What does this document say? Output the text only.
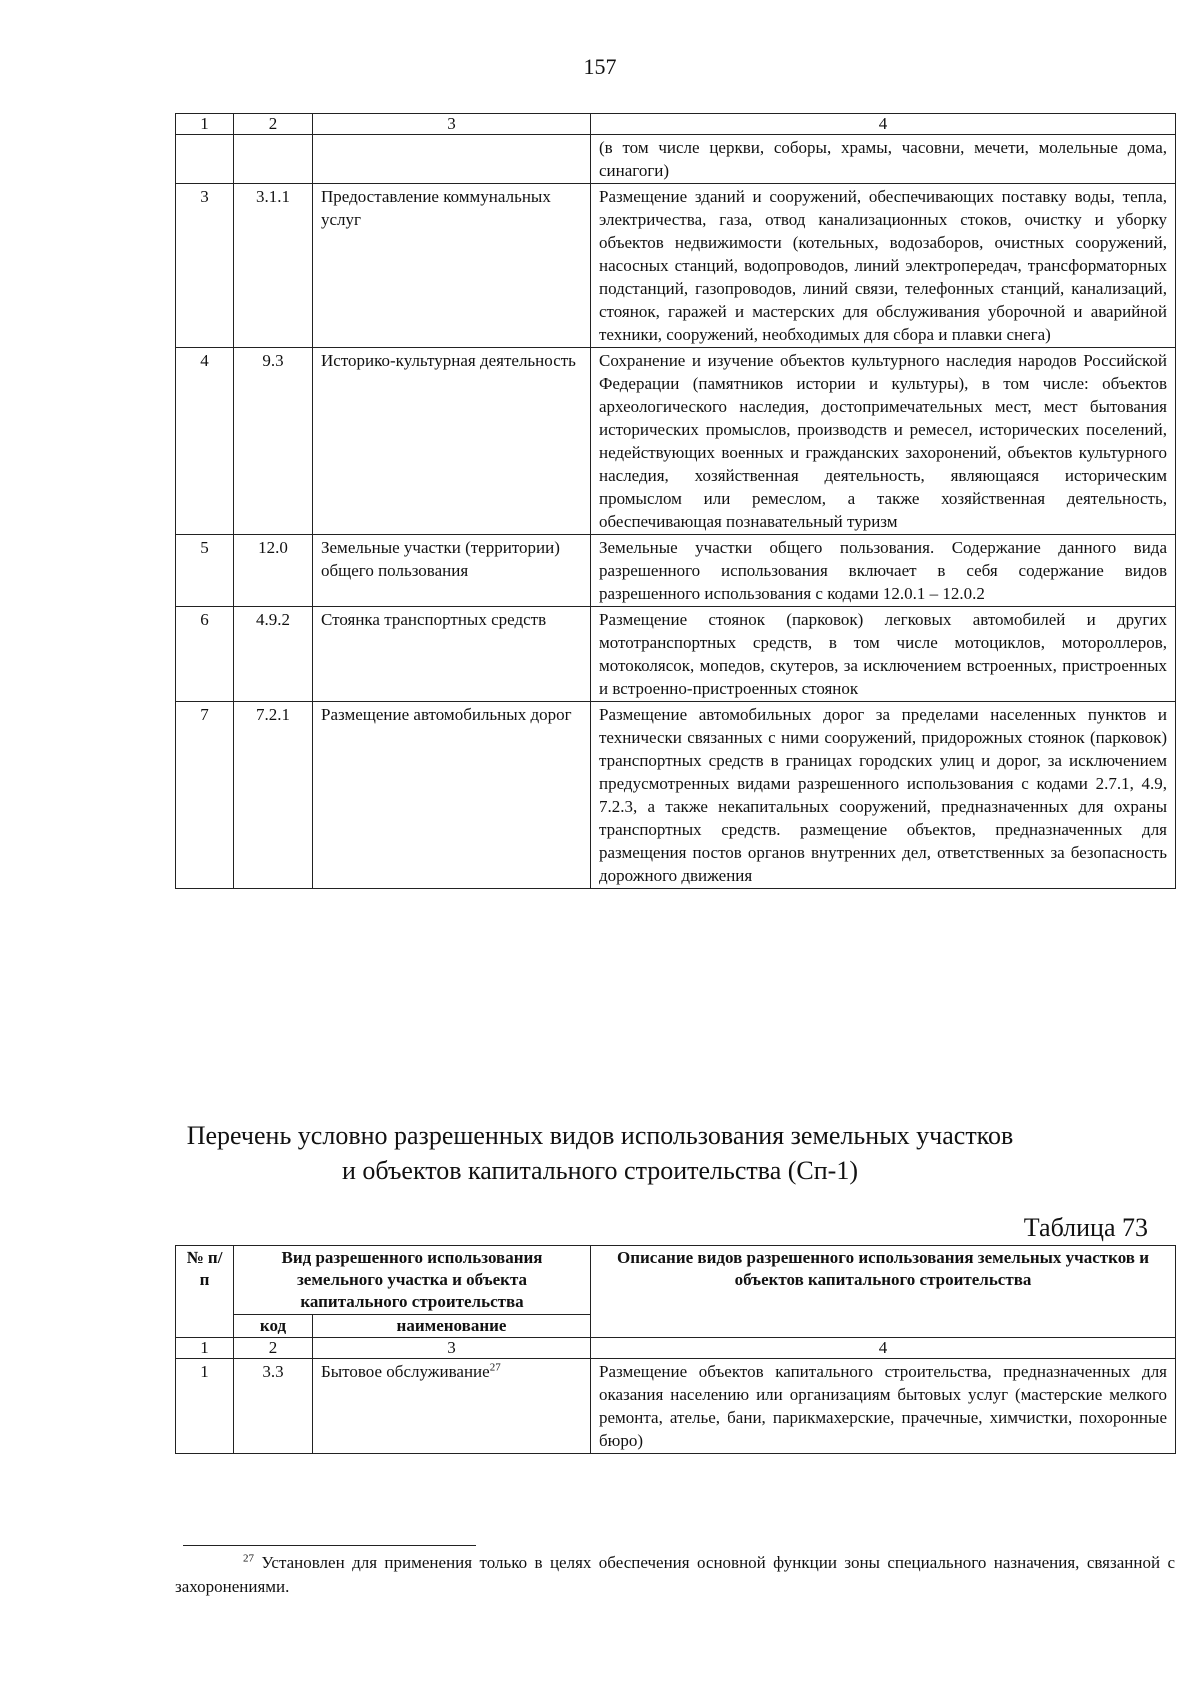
157
1	2	3	4
			(в том числе церкви, соборы, храмы, часовни, мечети, молельные дома, синагоги)
3	3.1.1	Предоставление коммунальных услуг	Размещение зданий и сооружений, обеспечивающих поставку воды, тепла, электричества, газа, отвод канализационных стоков, очистку и уборку объектов недвижимости (котельных, водозаборов, очистных сооружений, насосных станций, водопроводов, линий электропередач, трансформаторных подстанций, газопроводов, линий связи, телефонных станций, канализаций, стоянок, гаражей и мастерских для обслуживания уборочной и аварийной техники, сооружений, необходимых для сбора и плавки снега)
4	9.3	Историко-культурная деятельность	Сохранение и изучение объектов культурного наследия народов Российской Федерации (памятников истории и культуры), в том числе: объектов археологического наследия, достопримечательных мест, мест бытования исторических промыслов, производств и ремесел, исторических поселений, недействующих военных и гражданских захоронений, объектов культурного наследия, хозяйственная деятельность, являющаяся историческим промыслом или ремеслом, а также хозяйственная деятельность, обеспечивающая познавательный туризм
5	12.0	Земельные участки (территории) общего пользования	Земельные участки общего пользования. Содержание данного вида разрешенного использования включает в себя содержание видов разрешенного использования с кодами 12.0.1 – 12.0.2
6	4.9.2	Стоянка транспортных средств	Размещение стоянок (парковок) легковых автомобилей и других мототранспортных средств, в том числе мотоциклов, мотороллеров, мотоколясок, мопедов, скутеров, за исключением встроенных, пристроенных и встроенно-пристроенных стоянок
7	7.2.1	Размещение автомобильных дорог	Размещение автомобильных дорог за пределами населенных пунктов и технически связанных с ними сооружений, придорожных стоянок (парковок) транспортных средств в границах городских улиц и дорог, за исключением предусмотренных видами разрешенного использования с кодами 2.7.1, 4.9, 7.2.3, а также некапитальных сооружений, предназначенных для охраны транспортных средств. размещение объектов, предназначенных для размещения постов органов внутренних дел, ответственных за безопасность дорожного движения
Перечень условно разрешенных видов использования земельных участков
и объектов капитального строительства (Сп-1)
Таблица 73
№ п/п	Вид разрешенного использования земельного участка и объекта капитального строительства		Описание видов разрешенного использования земельных участков и объектов капитального строительства
	код	наименование	
1	2	3	4
1	3.3	Бытовое обслуживание$^{27}$	Размещение объектов капитального строительства, предназначенных для оказания населению или организациям бытовых услуг (мастерские мелкого ремонта, ателье, бани, парикмахерские, прачечные, химчистки, похоронные бюро)
$^{27}$ Установлен для применения только в целях обеспечения основной функции зоны специального назначения, связанной с захоронениями.
